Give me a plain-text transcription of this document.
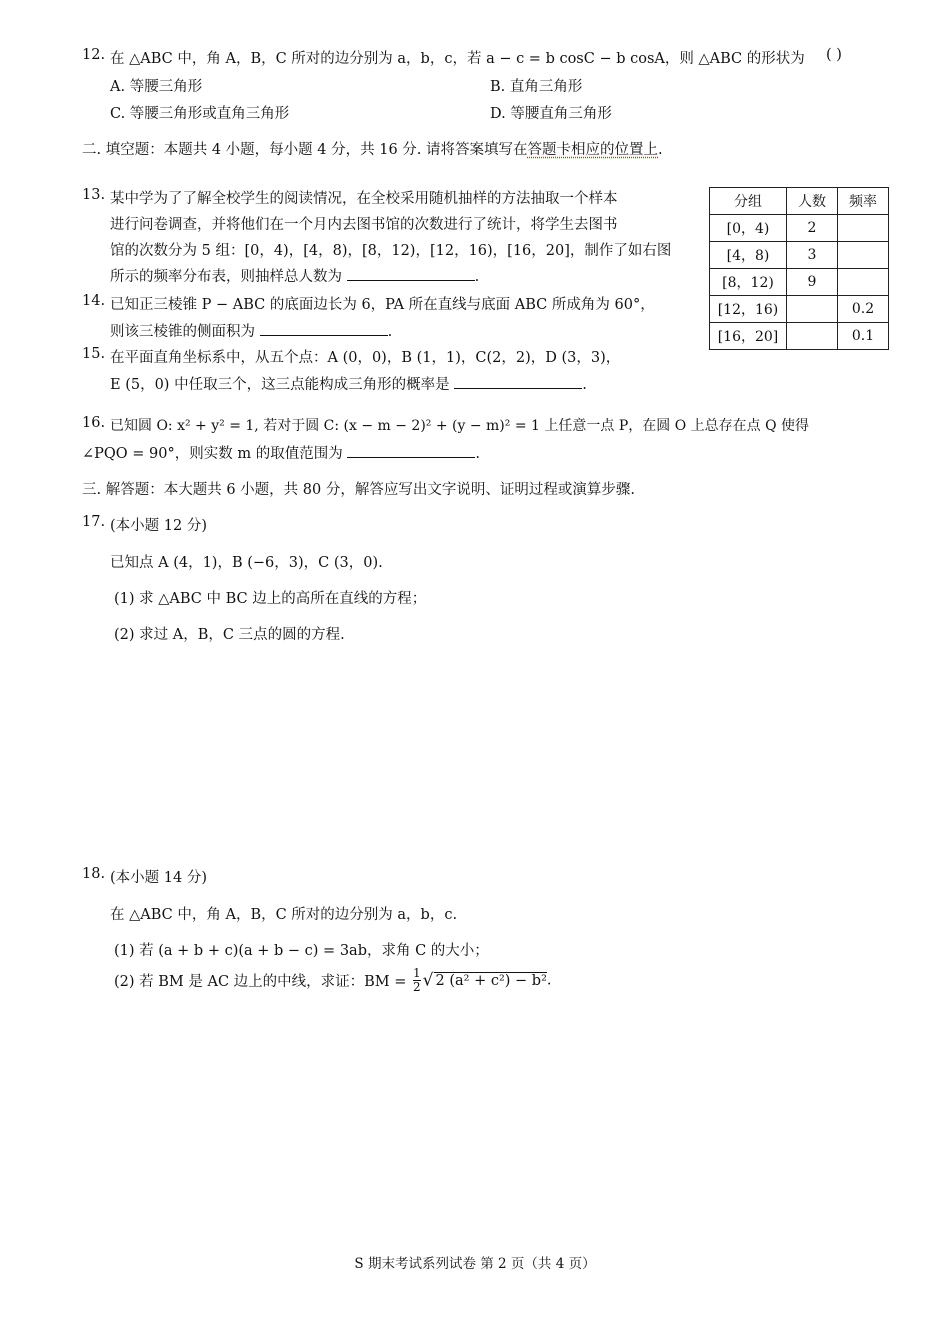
12. 在 △ABC 中，角 A，B，C 所对的边分别为 a，b，c，若 a − c = b cosC − b cosA，则 △ABC 的形状为 ( )
A. 等腰三角形	B. 直角三角形
C. 等腰三角形或直角三角形	D. 等腰直角三角形
二. 填空题：本题共 4 小题，每小题 4 分，共 16 分. 请将答案填写在答题卡相应的位置上.
13. 某中学为了了解全校学生的阅读情况，在全校采用随机抽样的方法抽取一个样本
进行问卷调查，并将他们在一个月内去图书馆的次数进行了统计，将学生去图书
馆的次数分为 5 组：[0，4)，[4，8)，[8，12)，[12，16)，[16，20]，制作了如右图
所示的频率分布表，则抽样总人数为	.
分组	人数	频率
[0，4)	2	
[4，8)	3	
[8，12)	9	
[12，16)		0.2
[16，20]		0.1
14. 已知正三棱锥 P − ABC 的底面边长为 6，PA 所在直线与底面 ABC 所成角为 60°，
则该三棱锥的侧面积为	.
15. 在平面直角坐标系中，从五个点：A (0，0)，B (1，1)，C(2，2)，D (3，3)，
E (5，0) 中任取三个，这三点能构成三角形的概率是	.
16. 已知圆 O: x² + y² = 1, 若对于圆 C: (x − m − 2)² + (y − m)² = 1 上任意一点 P，在圆 O 上总存在点 Q 使得
∠PQO = 90°，则实数 m 的取值范围为	.
三. 解答题：本大题共 6 小题，共 80 分，解答应写出文字说明、证明过程或演算步骤.
17. (本小题 12 分)
已知点 A (4，1)，B (−6，3)，C (3，0).
(1) 求 △ABC 中 BC 边上的高所在直线的方程；
(2) 求过 A，B，C 三点的圆的方程.
18. (本小题 14 分)
在 △ABC 中，角 A，B，C 所对的边分别为 a，b，c.
(1) 若 (a + b + c)(a + b − c) = 3ab，求角 C 的大小；
(2) 若 BM 是 AC 边上的中线，求证：BM = $\frac{1}{2}$ √ 2 (a² + c²) − b².
S 期末考试系列试卷 第 2 页（共 4 页）
